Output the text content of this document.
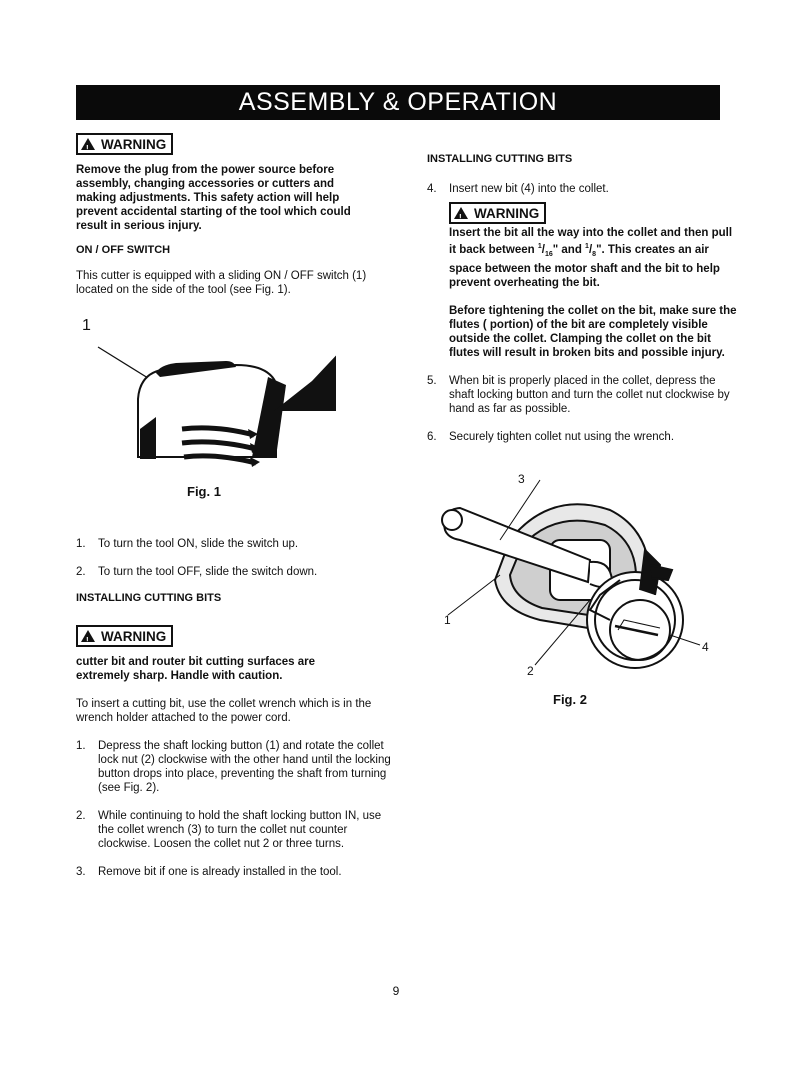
ASSEMBLY & OPERATION
!WARNING

Remove the plug from the power source before assembly, changing accessories or cutters and making adjustments. This safety action will help prevent accidental starting of the tool which could result in serious injury.

ON / OFF SWITCH

This cutter is equipped with a sliding ON / OFF switch (1) located on the side of the tool (see Fig. 1).

1

Fig. 1

1. To turn the tool ON, slide the switch up.
2. To turn the tool OFF, slide the switch down.

INSTALLING CUTTING BITS

!WARNING

cutter bit and router bit cutting surfaces are extremely sharp. Handle with caution.

To insert a cutting bit, use the collet wrench which is in the wrench holder attached to the power cord.

1. Depress the shaft locking button (1) and rotate the collet lock nut (2) clockwise with the other hand until the locking button drops into place, preventing the shaft from turning (see Fig. 2).
2. While continuing to hold the shaft locking button IN, use the collet wrench (3) to turn the collet nut counter clockwise. Loosen the collet nut 2 or three turns.
3. Remove bit if one is already installed in the tool.

INSTALLING CUTTING BITS

4. Insert new bit (4) into the collet.
!WARNING

Insert the bit all the way into the collet and then pull it back between $^1/_{16}$" and $^1/_8$". This creates an air space between the motor shaft and the bit to help prevent overheating the bit.

Before tightening the collet on the bit, make sure the flutes ( portion) of the bit are completely visible outside the collet. Clamping the collet on the bit flutes will result in broken bits and possible injury.

5. When bit is properly placed in the collet, depress the shaft locking button and turn the collet nut clockwise by hand as far as possible.
6. Securely tighten collet nut using the wrench.
3
1
2
4

Fig. 2

9
